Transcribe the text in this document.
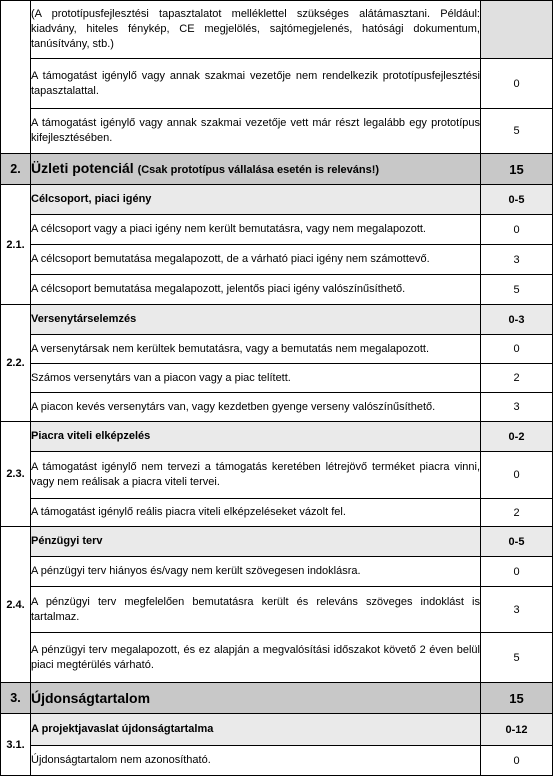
	(A prototípusfejlesztési tapasztalatot melléklettel szükséges alátámasztani. Például: kiadvány, hiteles fénykép, CE megjelölés, sajtómegjelenés, hatósági dokumentum, tanúsítvány, stb.)	
	A támogatást igénylő vagy annak szakmai vezetője nem rendelkezik prototípusfejlesztési tapasztalattal.	0
	A támogatást igénylő vagy annak szakmai vezetője vett már részt legalább egy prototípus kifejlesztésében.	5
2.	Üzleti potenciál (Csak prototípus vállalása esetén is releváns!)	15
2.1.	Célcsoport, piaci igény	0-5
	A célcsoport vagy a piaci igény nem került bemutatásra, vagy nem megalapozott.	0
	A célcsoport bemutatása megalapozott, de a várható piaci igény nem számottevő.	3
	A célcsoport bemutatása megalapozott, jelentős piaci igény valószínűsíthető.	5
2.2.	Versenytárselemzés	0-3
	A versenytársak nem kerültek bemutatásra, vagy a bemutatás nem megalapozott.	0
	Számos versenytárs van a piacon vagy a piac telített.	2
	A piacon kevés versenytárs van, vagy kezdetben gyenge verseny valószínűsíthető.	3
2.3.	Piacra viteli elképzelés	0-2
	A támogatást igénylő nem tervezi a támogatás keretében létrejövő terméket piacra vinni, vagy nem reálisak a piacra viteli tervei.	0
	A támogatást igénylő reális piacra viteli elképzeléseket vázolt fel.	2
2.4.	Pénzügyi terv	0-5
	A pénzügyi terv hiányos és/vagy nem került szövegesen indoklásra.	0
	A pénzügyi terv megfelelően bemutatásra került és releváns szöveges indoklást is tartalmaz.	3
	A pénzügyi terv megalapozott, és ez alapján a megvalósítási időszakot követő 2 éven belül piaci megtérülés várható.	5
3.	Újdonságtartalom	15
3.1.	A projektjavaslat újdonságtartalma	0-12
	Újdonságtartalom nem azonosítható.	0
